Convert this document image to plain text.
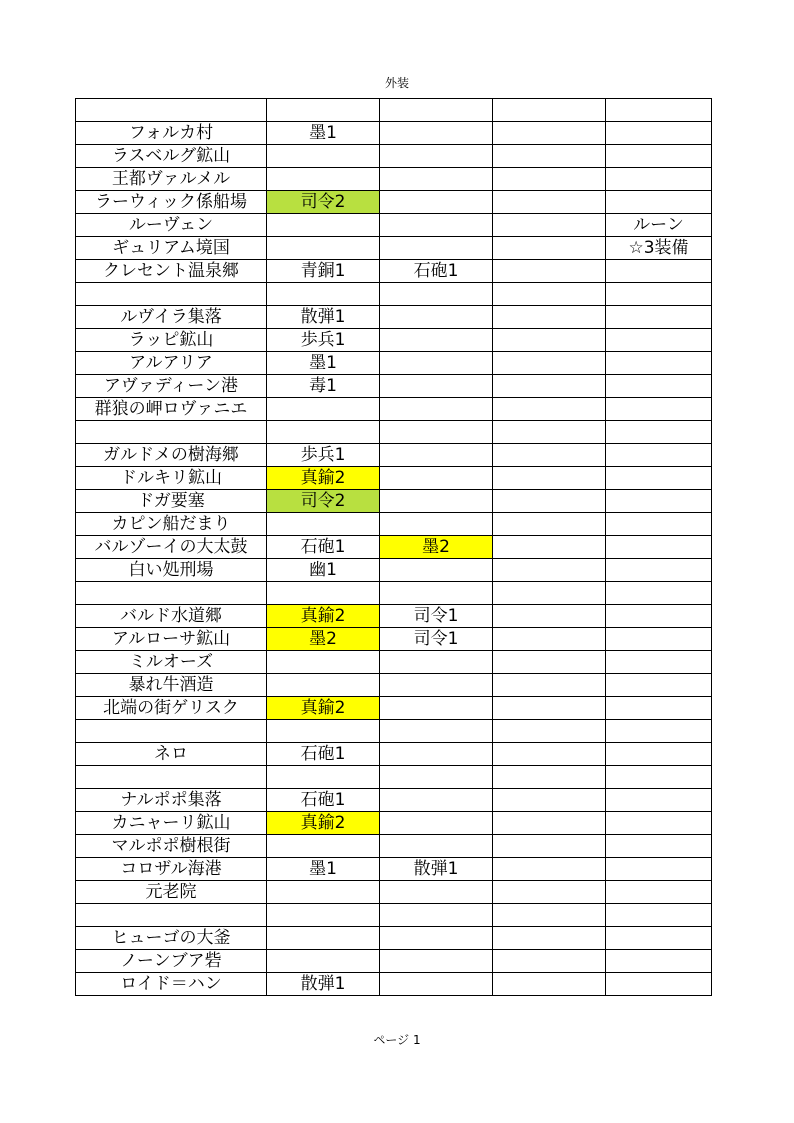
外装

フォルカ村	墨1			
ラスベルグ鉱山				
王都ヴァルメル				
ラーウィック係船場	司令2			
ルーヴェン				ルーン
ギュリアム境国				☆3装備
クレセント温泉郷	青銅1	石砲1		

ルヴイラ集落	散弾1			
ラッピ鉱山	歩兵1			
アルアリア	墨1			
アヴァディーン港	毒1			
群狼の岬ロヴァニエ				

ガルドメの樹海郷	歩兵1			
ドルキリ鉱山	真鍮2			
ドガ要塞	司令2			
カピン船だまり				
バルゾーイの大太鼓	石砲1	墨2		
白い処刑場	幽1			

バルド水道郷	真鍮2	司令1		
アルローサ鉱山	墨2	司令1		
ミルオーズ				
暴れ牛酒造				
北端の街ゲリスク	真鍮2			

ネロ	石砲1			

ナルポポ集落	石砲1			
カニャーリ鉱山	真鍮2			
マルポポ樹根街				
コロザル海港	墨1	散弾1		
元老院				

ヒューゴの大釜				
ノーンブア砦				
ロイド＝ハン	散弾1			
ページ 1
